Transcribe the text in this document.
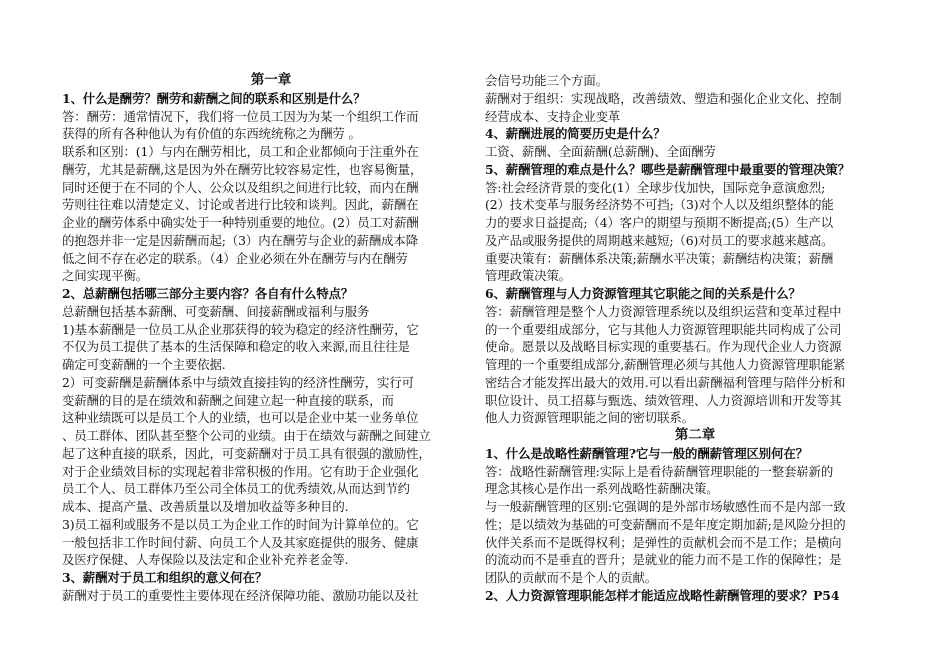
第一章
1、什么是酬劳？酬劳和薪酬之间的联系和区别是什么？
答：酬劳：通常情况下，我们将一位员工因为为某一个组织工作而
获得的所有各种他认为有价值的东西统统称之为酬劳 。
联系和区别：(1）与内在酬劳相比，员工和企业都倾向于注重外在
酬劳，尤其是薪酬,这是因为外在酬劳比较容易定性，也容易衡量，
同时还便于在不同的个人、公众以及组织之间进行比较，而内在酬
劳则往往难以清楚定义、讨论或者进行比较和谈判。因此，薪酬在
企业的酬劳体系中确实处于一种特别重要的地位。(2）员工对薪酬
的抱怨并非一定是因薪酬而起;（3）内在酬劳与企业的薪酬成本降
低之间不存在必定的联系。（4）企业必须在外在酬劳与内在酬劳
之间实现平衡。
2、总薪酬包括哪三部分主要内容？各自有什么特点？
总薪酬包括基本薪酬、可变薪酬、间接薪酬或福利与服务
1)基本薪酬是一位员工从企业那获得的较为稳定的经济性酬劳，它
不仅为员工提供了基本的生活保障和稳定的收入来源,而且往往是
确定可变薪酬的一个主要依据.
2）可变薪酬是薪酬体系中与绩效直接挂钩的经济性酬劳，实行可
变薪酬的目的是在绩效和薪酬之间建立起一种直接的联系，而
这种业绩既可以是员工个人的业绩，也可以是企业中某一业务单位
、员工群体、团队甚至整个公司的业绩。由于在绩效与薪酬之间建立
起了这种直接的联系，因此，可变薪酬对于员工具有很强的激励性，
对于企业绩效目标的实现起着非常积极的作用。它有助于企业强化
员工个人、员工群体乃至公司全体员工的优秀绩效,从而达到节约
成本、提高产量、改善质量以及增加收益等多种目的.
3)员工福利或服务不是以员工为企业工作的时间为计算单位的。它
一般包括非工作时间付薪、向员工个人及其家庭提供的服务、健康
及医疗保健、人寿保险以及法定和企业补充养老金等.
3、薪酬对于员工和组织的意义何在？
薪酬对于员工的重要性主要体现在经济保障功能、激励功能以及社
会信号功能三个方面。
薪酬对于组织：实现战略，改善绩效、塑造和强化企业文化、控制
经营成本、支持企业变革
4、薪酬进展的简要历史是什么？
工资、薪酬、全面薪酬(总薪酬)、全面酬劳
5、薪酬管理的难点是什么？哪些是薪酬管理中最重要的管理决策？
答:社会经济背景的变化(1）全球步伐加快，国际竞争意演愈烈;
(2）技术变革与服务经济势不可挡;（3)对个人以及组织整体的能
力的要求日益提高;（4）客户的期望与预期不断提高;(5）生产以
及产品或服务提供的周期越来越短;（6)对员工的要求越来越高。
重要决策有：薪酬体系决策;薪酬水平决策；薪酬结构决策；薪酬
管理政策决策。
6、薪酬管理与人力资源管理其它职能之间的关系是什么？
答：薪酬管理是整个人力资源管理系统以及组织运营和变革过程中
的一个重要组成部分，它与其他人力资源管理职能共同构成了公司
使命。愿景以及战略目标实现的重要基石。作为现代企业人力资源
管理的一个重要组成部分,薪酬管理必须与其他人力资源管理职能紧
密结合才能发挥出最大的效用.可以看出薪酬福利管理与陪伴分析和
职位设计、员工招募与甄选、绩效管理、人力资源培训和开发等其
他人力资源管理职能之间的密切联系。
第二章
1、什么是战略性薪酬管理?它与一般的酬薪管理区别何在？
答：战略性薪酬管理:实际上是看待薪酬管理职能的一整套崭新的
理念其核心是作出一系列战略性薪酬决策。
与一般薪酬管理的区别:它强调的是外部市场敏感性而不是内部一致
性；是以绩效为基础的可变薪酬而不是年度定期加薪;是风险分担的
伙伴关系而不是既得权利；是弹性的贡献机会而不是工作；是横向
的流动而不是垂直的晋升；是就业的能力而不是工作的保障性；是
团队的贡献而不是个人的贡献。
2、人力资源管理职能怎样才能适应战略性薪酬管理的要求？P54
